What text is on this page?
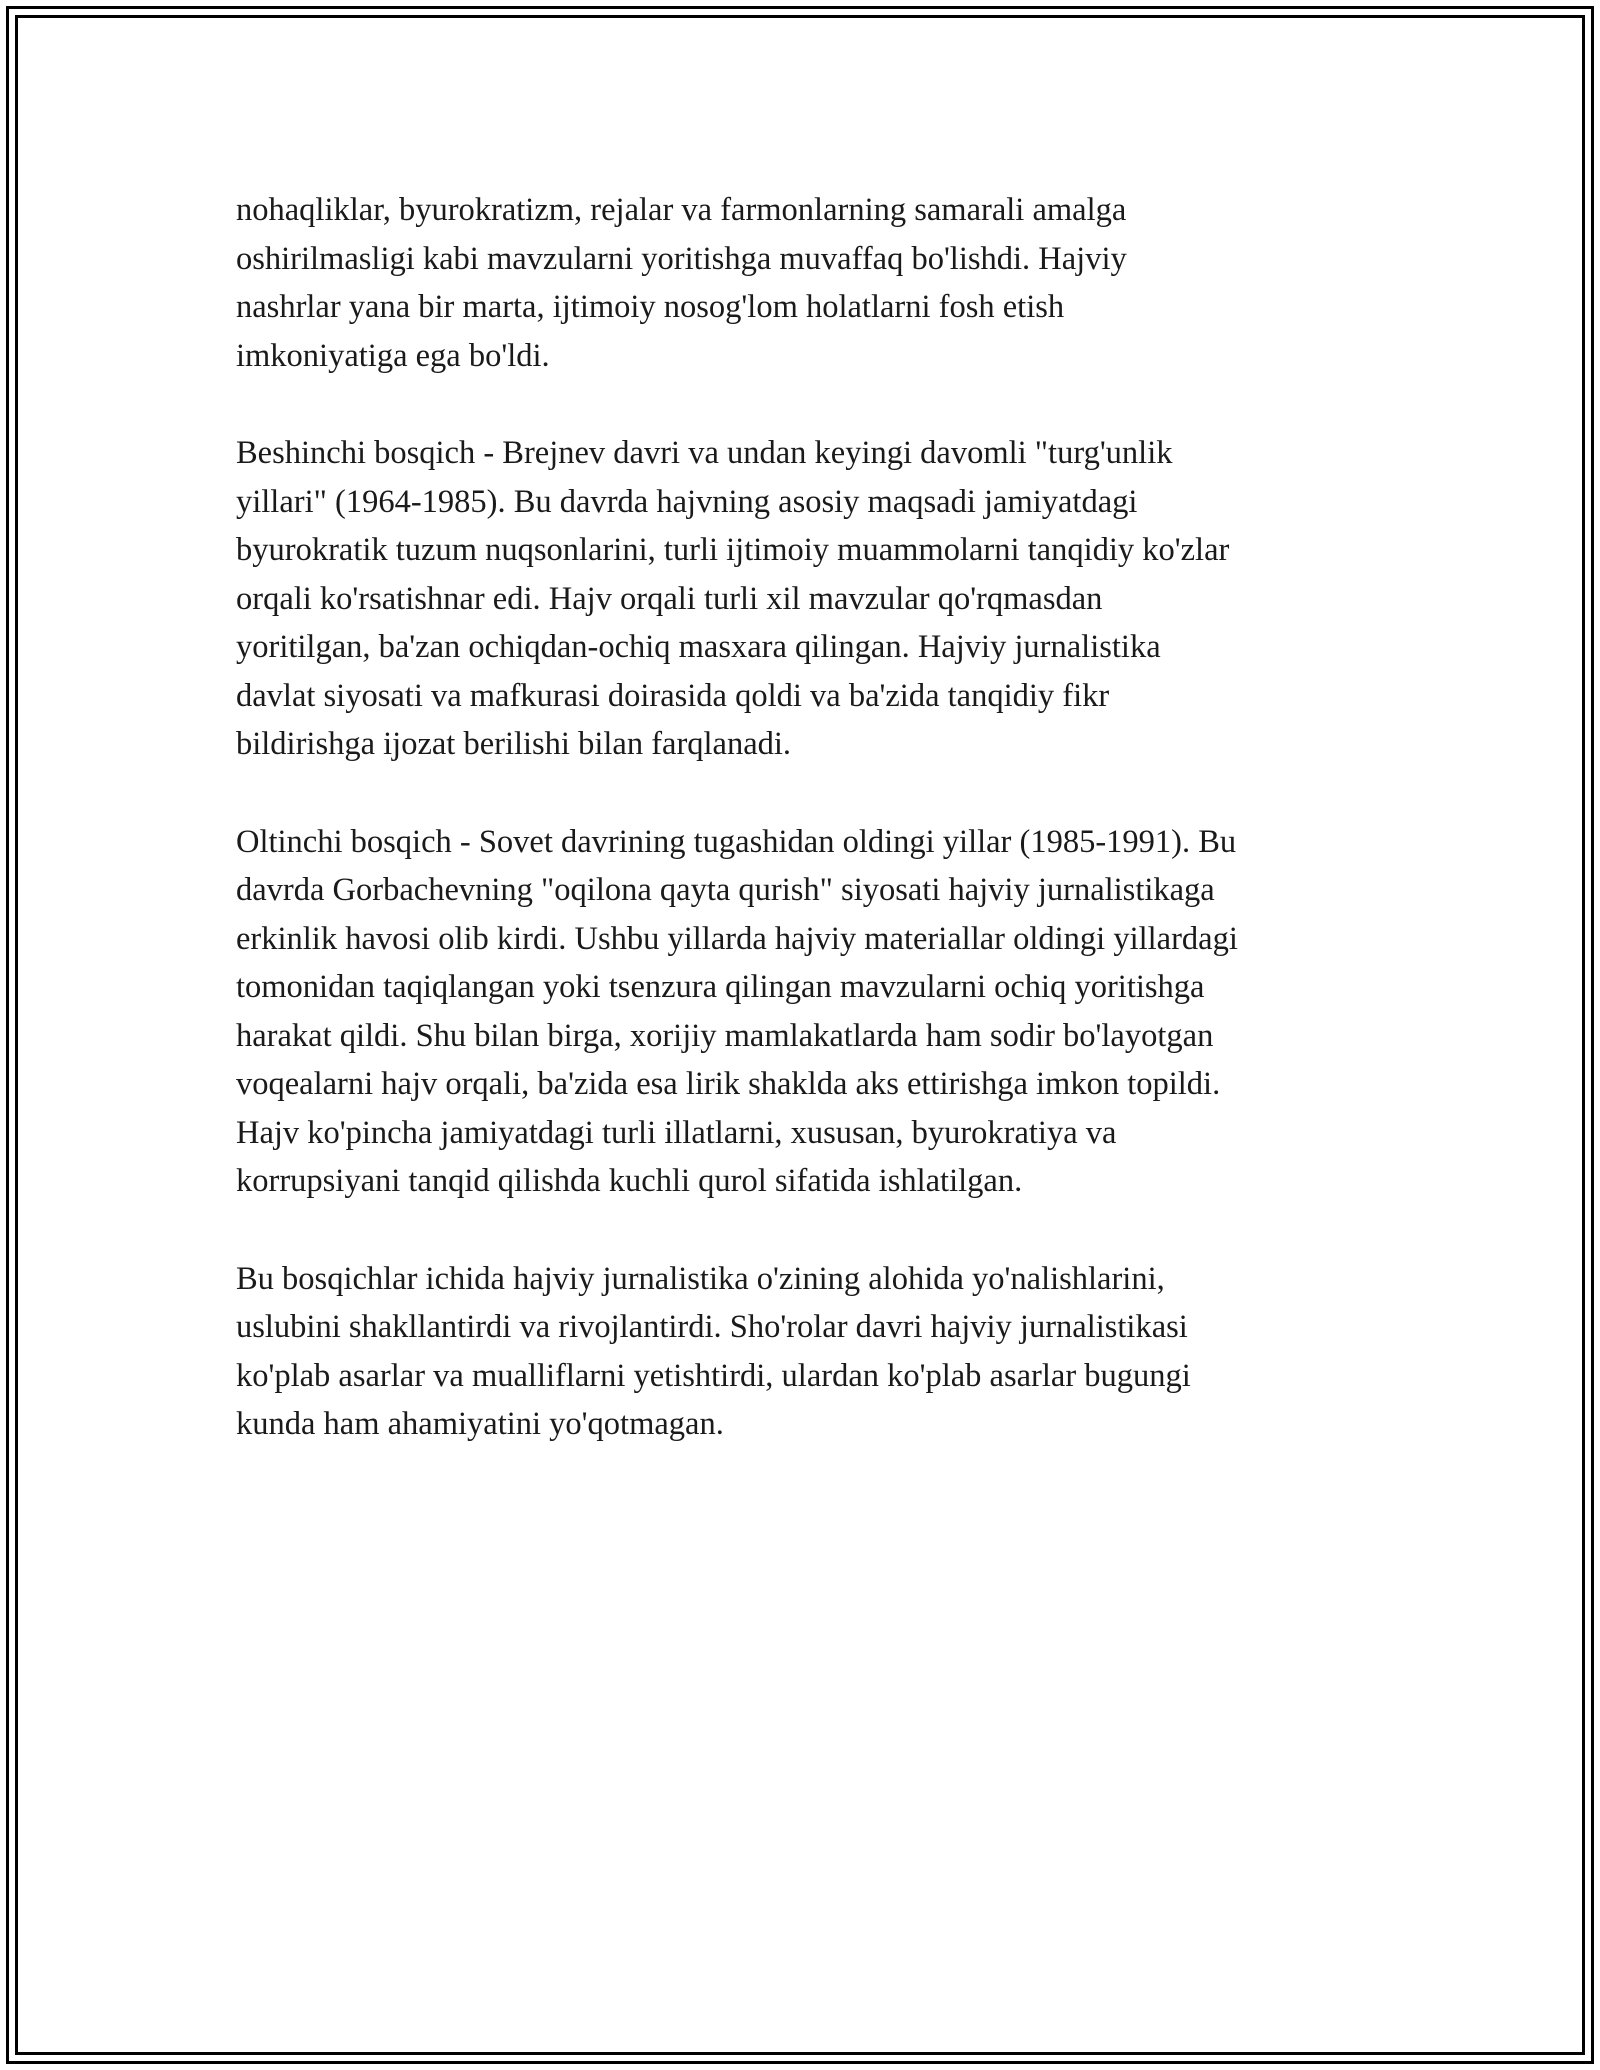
nohaqliklar, byurokratizm, rejalar va farmonlarning samarali amalga
oshirilmasligi kabi mavzularni yoritishga muvaffaq bo'lishdi. Hajviy
nashrlar yana bir marta, ijtimoiy nosog'lom holatlarni fosh etish
imkoniyatiga ega bo'ldi.

Beshinchi bosqich - Brejnev davri va undan keyingi davomli "turg'unlik
yillari" (1964-1985). Bu davrda hajvning asosiy maqsadi jamiyatdagi
byurokratik tuzum nuqsonlarini, turli ijtimoiy muammolarni tanqidiy ko'zlar
orqali ko'rsatishnar edi. Hajv orqali turli xil mavzular qo'rqmasdan
yoritilgan, ba'zan ochiqdan-ochiq masxara qilingan. Hajviy jurnalistika
davlat siyosati va mafkurasi doirasida qoldi va ba'zida tanqidiy fikr
bildirishga ijozat berilishi bilan farqlanadi.

Oltinchi bosqich - Sovet davrining tugashidan oldingi yillar (1985-1991). Bu
davrda Gorbachevning "oqilona qayta qurish" siyosati hajviy jurnalistikaga
erkinlik havosi olib kirdi. Ushbu yillarda hajviy materiallar oldingi yillardagi
tomonidan taqiqlangan yoki tsenzura qilingan mavzularni ochiq yoritishga
harakat qildi. Shu bilan birga, xorijiy mamlakatlarda ham sodir bo'layotgan
voqealarni hajv orqali, ba'zida esa lirik shaklda aks ettirishga imkon topildi.
Hajv ko'pincha jamiyatdagi turli illatlarni, xususan, byurokratiya va
korrupsiyani tanqid qilishda kuchli qurol sifatida ishlatilgan.

Bu bosqichlar ichida hajviy jurnalistika o'zining alohida yo'nalishlarini,
uslubini shakllantirdi va rivojlantirdi. Sho'rolar davri hajviy jurnalistikasi
ko'plab asarlar va mualliflarni yetishtirdi, ulardan ko'plab asarlar bugungi
kunda ham ahamiyatini yo'qotmagan.
